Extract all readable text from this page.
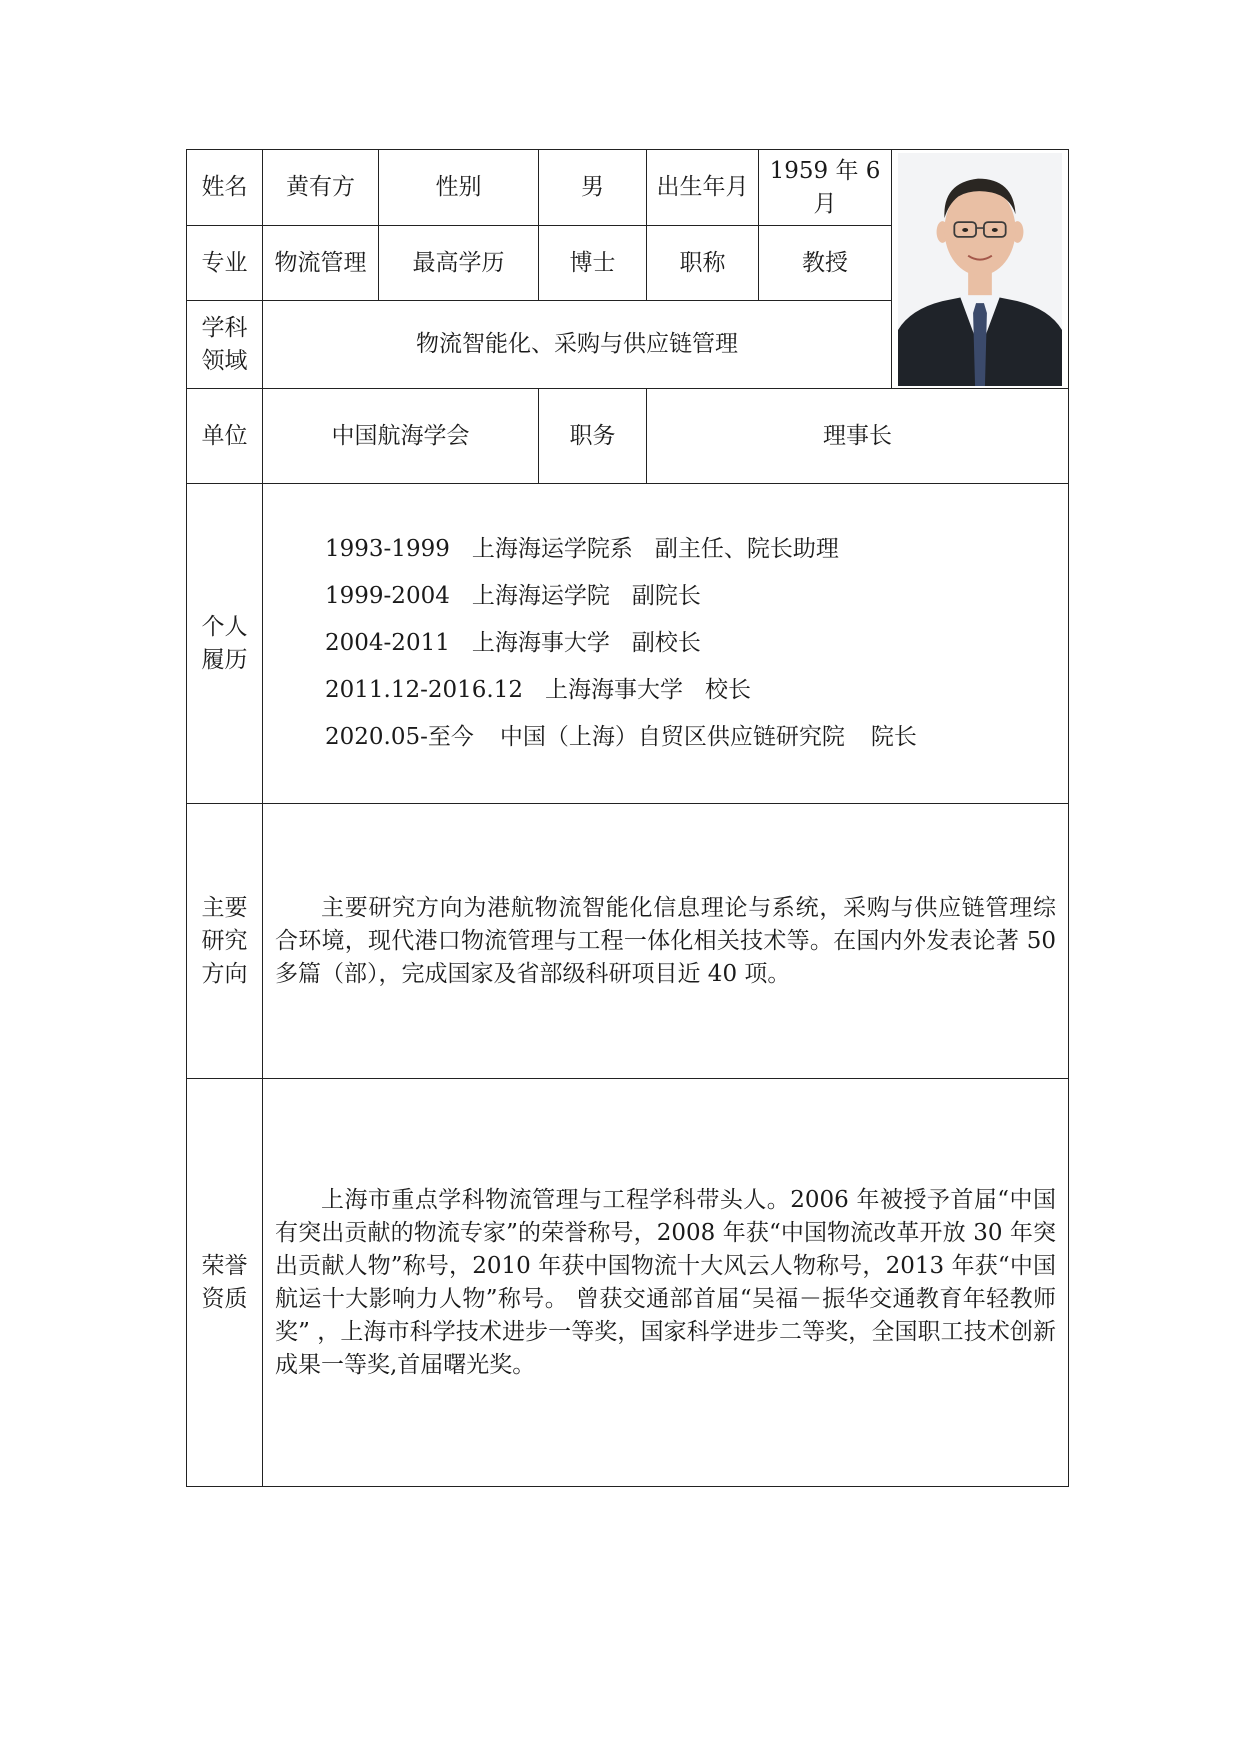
姓名	黄有方	性别	男	出生年月	1959 年 6 月	

专业	物流管理	最高学历	博士	职称	教授	
学科领域	物流智能化、采购与供应链管理					
单位	中国航海学会		职务	理事长		
个人履历	1993-1999 上海海运学院系 副主任、院长助理
1999-2004 上海海运学院 副院长
2004-2011 上海海事大学 副校长
2011.12-2016.12 上海海事大学 校长
2020.05-至今 中国（上海）自贸区供应链研究院 院长					

主要研究方向	主要研究方向为港航物流智能化信息理论与系统，采购与供应链管理综合环境，现代港口物流管理与工程一体化相关技术等。在国内外发表论著 50 多篇（部），完成国家及省部级科研项目近 40 项。					

荣誉资质	上海市重点学科物流管理与工程学科带头人。2006 年被授予首届“中国有突出贡献的物流专家”的荣誉称号，2008 年获“中国物流改革开放 30 年突出贡献人物”称号，2010 年获中国物流十大风云人物称号，2013 年获“中国航运十大影响力人物”称号。 曾获交通部首届“吴福－振华交通教育年轻教师奖” ，上海市科学技术进步一等奖，国家科学进步二等奖，全国职工技术创新成果一等奖,首届曙光奖。					
